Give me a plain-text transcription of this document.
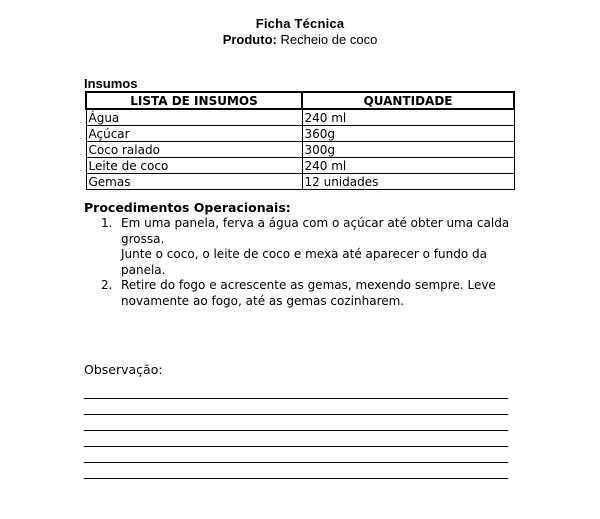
Ficha Técnica
Produto: Recheio de coco
Insumos
LISTA DE INSUMOS	QUANTIDADE
Água	240 ml
Açúcar	360g
Coco ralado	300g
Leite de coco	240 ml
Gemas	12 unidades
Procedimentos Operacionais:
1. Em uma panela, ferva a água com o açúcar até obter uma calda
grossa.
Junte o coco, o leite de coco e mexa até aparecer o fundo da
panela.
2. Retire do fogo e acrescente as gemas, mexendo sempre. Leve
novamente ao fogo, até as gemas cozinharem.
Observação:
